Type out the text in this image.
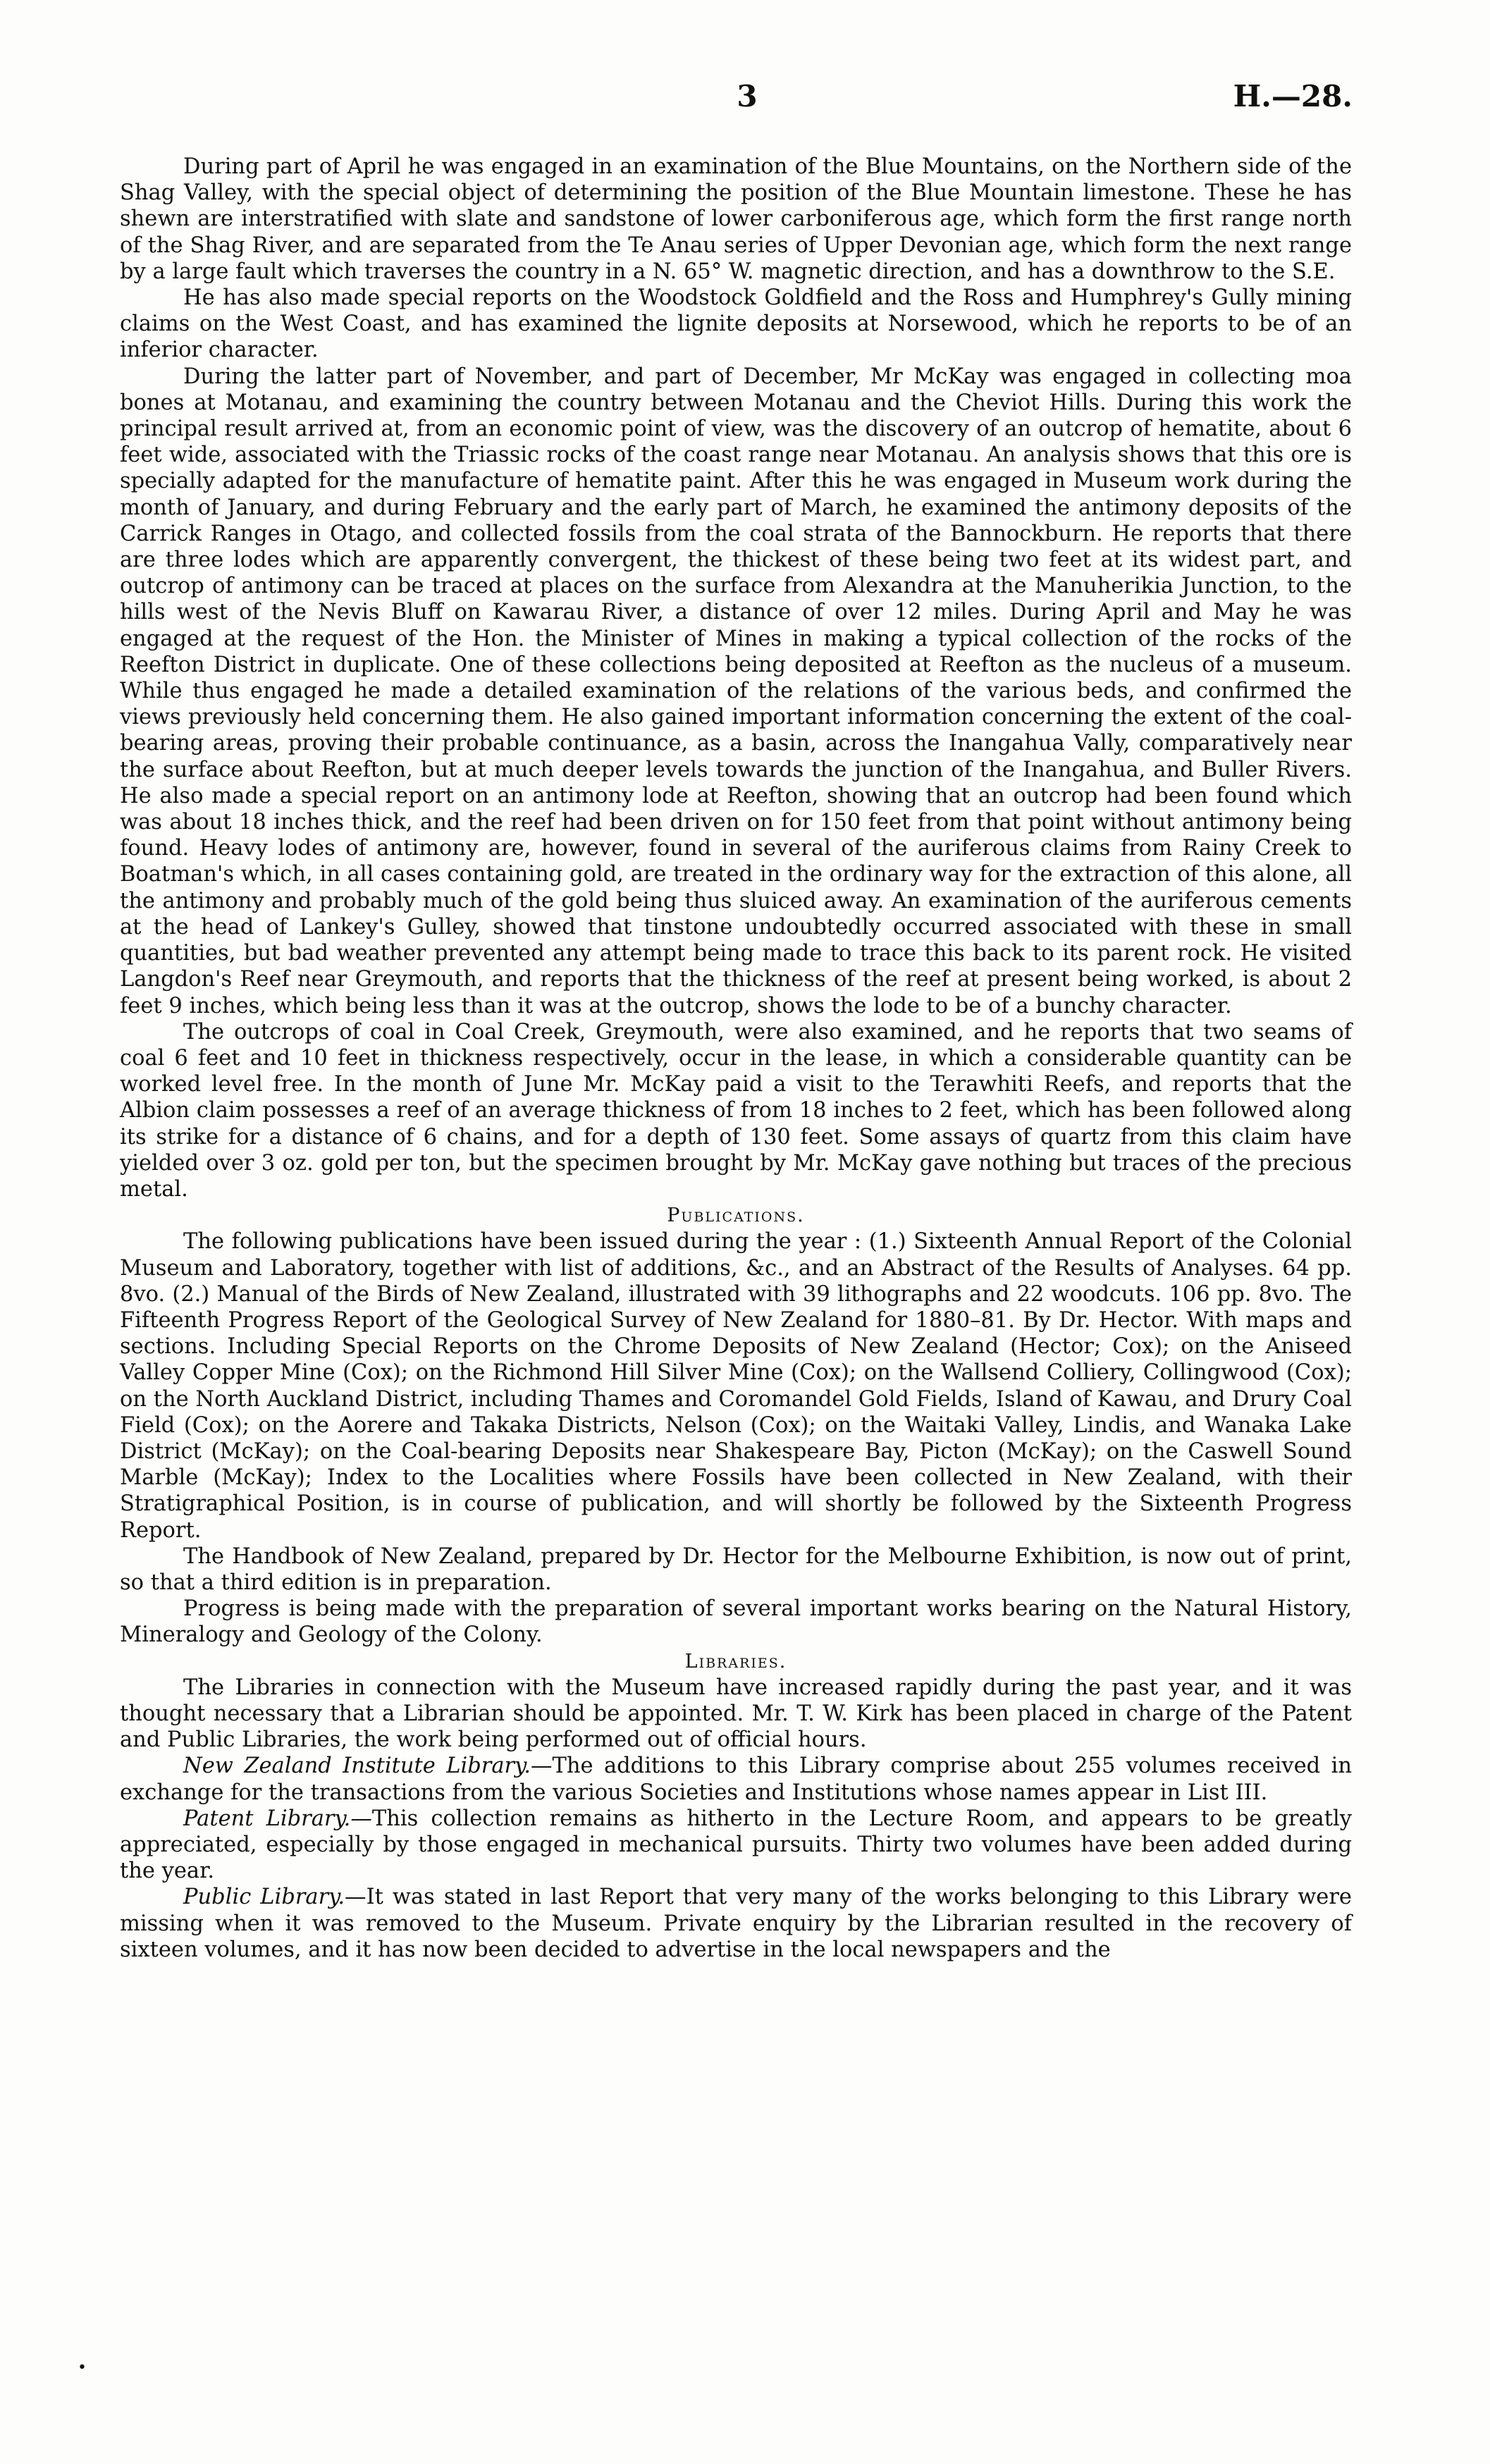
3	H.—28.

During part of April he was engaged in an examination of the Blue Mountains, on the Northern side of the Shag Valley, with the special object of determining the position of the Blue Mountain limestone. These he has shewn are interstratified with slate and sandstone of lower carboniferous age, which form the first range north of the Shag River, and are separated from the Te Anau series of Upper Devonian age, which form the next range by a large fault which traverses the country in a N. 65° W. magnetic direction, and has a downthrow to the S.E.

He has also made special reports on the Woodstock Goldfield and the Ross and Humphrey's Gully mining claims on the West Coast, and has examined the lignite deposits at Norsewood, which he reports to be of an inferior character.

During the latter part of November, and part of December, Mr McKay was engaged in collecting moa bones at Motanau, and examining the country between Motanau and the Cheviot Hills. During this work the principal result arrived at, from an economic point of view, was the discovery of an outcrop of hematite, about 6 feet wide, associated with the Triassic rocks of the coast range near Motanau. An analysis shows that this ore is specially adapted for the manufacture of hematite paint. After this he was engaged in Museum work during the month of January, and during February and the early part of March, he examined the antimony deposits of the Carrick Ranges in Otago, and collected fossils from the coal strata of the Bannockburn. He reports that there are three lodes which are apparently convergent, the thickest of these being two feet at its widest part, and outcrop of antimony can be traced at places on the surface from Alexandra at the Manuherikia Junction, to the hills west of the Nevis Bluff on Kawarau River, a distance of over 12 miles. During April and May he was engaged at the request of the Hon. the Minister of Mines in making a typical collection of the rocks of the Reefton District in duplicate. One of these collections being deposited at Reefton as the nucleus of a museum. While thus engaged he made a detailed examination of the relations of the various beds, and confirmed the views previously held concerning them. He also gained important information concerning the extent of the coal-bearing areas, proving their probable continuance, as a basin, across the Inangahua Vally, comparatively near the surface about Reefton, but at much deeper levels towards the junction of the Inangahua, and Buller Rivers. He also made a special report on an antimony lode at Reefton, showing that an outcrop had been found which was about 18 inches thick, and the reef had been driven on for 150 feet from that point without antimony being found. Heavy lodes of antimony are, however, found in several of the auriferous claims from Rainy Creek to Boatman's which, in all cases containing gold, are treated in the ordinary way for the extraction of this alone, all the antimony and probably much of the gold being thus sluiced away. An examination of the auriferous cements at the head of Lankey's Gulley, showed that tinstone undoubtedly occurred associated with these in small quantities, but bad weather prevented any attempt being made to trace this back to its parent rock. He visited Langdon's Reef near Greymouth, and reports that the thickness of the reef at present being worked, is about 2 feet 9 inches, which being less than it was at the outcrop, shows the lode to be of a bunchy character.

The outcrops of coal in Coal Creek, Greymouth, were also examined, and he reports that two seams of coal 6 feet and 10 feet in thickness respectively, occur in the lease, in which a considerable quantity can be worked level free. In the month of June Mr. McKay paid a visit to the Terawhiti Reefs, and reports that the Albion claim possesses a reef of an average thickness of from 18 inches to 2 feet, which has been followed along its strike for a distance of 6 chains, and for a depth of 130 feet. Some assays of quartz from this claim have yielded over 3 oz. gold per ton, but the specimen brought by Mr. McKay gave nothing but traces of the precious metal.

Publications.

The following publications have been issued during the year : (1.) Sixteenth Annual Report of the Colonial Museum and Laboratory, together with list of additions, &c., and an Abstract of the Results of Analyses. 64 pp. 8vo. (2.) Manual of the Birds of New Zealand, illustrated with 39 lithographs and 22 woodcuts. 106 pp. 8vo. The Fifteenth Progress Report of the Geological Survey of New Zealand for 1880–81. By Dr. Hector. With maps and sections. Including Special Reports on the Chrome Deposits of New Zealand (Hector; Cox); on the Aniseed Valley Copper Mine (Cox); on the Richmond Hill Silver Mine (Cox); on the Wallsend Colliery, Collingwood (Cox); on the North Auckland District, including Thames and Coromandel Gold Fields, Island of Kawau, and Drury Coal Field (Cox); on the Aorere and Takaka Districts, Nelson (Cox); on the Waitaki Valley, Lindis, and Wanaka Lake District (McKay); on the Coal-bearing Deposits near Shakespeare Bay, Picton (McKay); on the Caswell Sound Marble (McKay); Index to the Localities where Fossils have been collected in New Zealand, with their Stratigraphical Position, is in course of publication, and will shortly be followed by the Sixteenth Progress Report.

The Handbook of New Zealand, prepared by Dr. Hector for the Melbourne Exhibition, is now out of print, so that a third edition is in preparation.

Progress is being made with the preparation of several important works bearing on the Natural History, Mineralogy and Geology of the Colony.

Libraries.

The Libraries in connection with the Museum have increased rapidly during the past year, and it was thought necessary that a Librarian should be appointed. Mr. T. W. Kirk has been placed in charge of the Patent and Public Libraries, the work being performed out of official hours.

New Zealand Institute Library.—The additions to this Library comprise about 255 volumes received in exchange for the transactions from the various Societies and Institutions whose names appear in List III.

Patent Library.—This collection remains as hitherto in the Lecture Room, and appears to be greatly appreciated, especially by those engaged in mechanical pursuits. Thirty two volumes have been added during the year.

Public Library.—It was stated in last Report that very many of the works belonging to this Library were missing when it was removed to the Museum. Private enquiry by the Librarian resulted in the recovery of sixteen volumes, and it has now been decided to advertise in the local newspapers and the

•
